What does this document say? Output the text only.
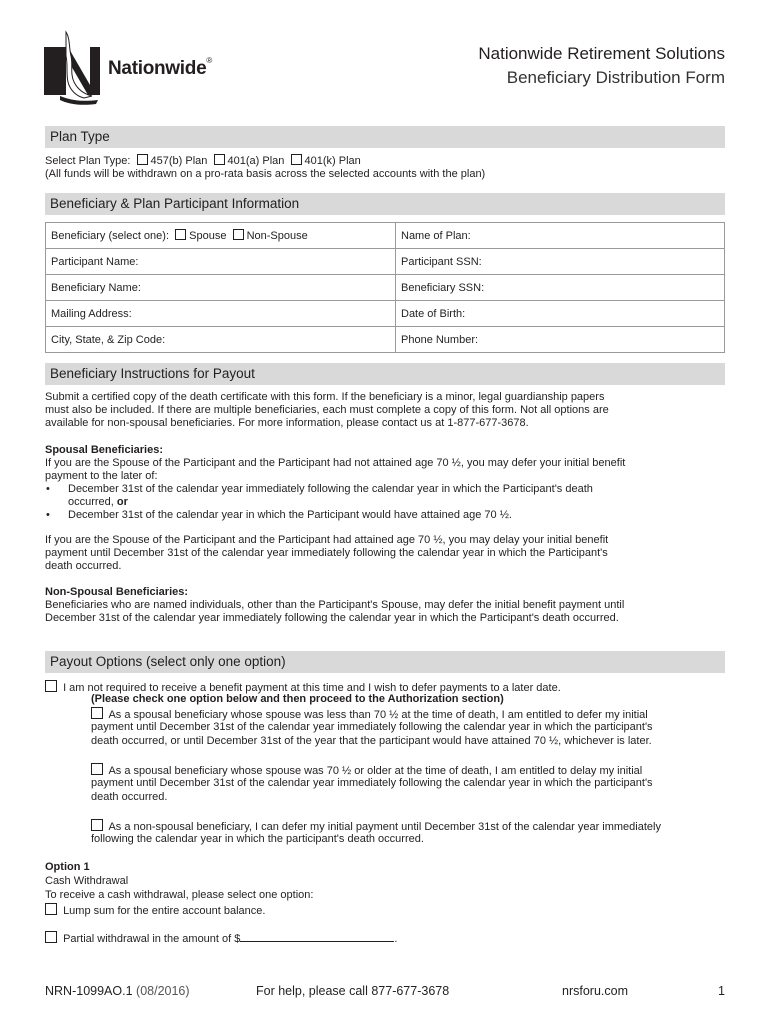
Nationwide®	Nationwide Retirement Solutions
Beneficiary Distribution Form
Plan Type
Select Plan Type: 457(b) Plan 401(a) Plan 401(k) Plan
(All funds will be withdrawn on a pro-rata basis across the selected accounts with the plan)
Beneficiary & Plan Participant Information
Beneficiary (select one): Spouse Non-Spouse	Name of Plan:
Participant Name:	Participant SSN:
Beneficiary Name:	Beneficiary SSN:
Mailing Address:	Date of Birth:
City, State, & Zip Code:	Phone Number:
Beneficiary Instructions for Payout
Submit a certified copy of the death certificate with this form. If the beneficiary is a minor, legal guardianship papers
must also be included. If there are multiple beneficiaries, each must complete a copy of this form. Not all options are
available for non-spousal beneficiaries. For more information, please contact us at 1-877-677-3678.
Spousal Beneficiaries:
If you are the Spouse of the Participant and the Participant had not attained age 70 ½, you may defer your initial benefit
payment to the later of:
• December 31st of the calendar year immediately following the calendar year in which the Participant's death
occurred, or
• December 31st of the calendar year in which the Participant would have attained age 70 ½.
If you are the Spouse of the Participant and the Participant had attained age 70 ½, you may delay your initial benefit
payment until December 31st of the calendar year immediately following the calendar year in which the Participant's
death occurred.
Non-Spousal Beneficiaries:
Beneficiaries who are named individuals, other than the Participant's Spouse, may defer the initial benefit payment until
December 31st of the calendar year immediately following the calendar year in which the Participant's death occurred.
Payout Options (select only one option)
I am not required to receive a benefit payment at this time and I wish to defer payments to a later date.
(Please check one option below and then proceed to the Authorization section)
As a spousal beneficiary whose spouse was less than 70 ½ at the time of death, I am entitled to defer my initial
payment until December 31st of the calendar year immediately following the calendar year in which the participant's
death occurred, or until December 31st of the year that the participant would have attained 70 ½, whichever is later.
As a spousal beneficiary whose spouse was 70 ½ or older at the time of death, I am entitled to delay my initial
payment until December 31st of the calendar year immediately following the calendar year in which the participant's
death occurred.
As a non-spousal beneficiary, I can defer my initial payment until December 31st of the calendar year immediately
following the calendar year in which the participant's death occurred.
Option 1
Cash Withdrawal
To receive a cash withdrawal, please select one option:
Lump sum for the entire account balance.
Partial withdrawal in the amount of $	.
NRN-1099AO.1 (08/2016)	For help, please call 877-677-3678	nrsforu.com	1
